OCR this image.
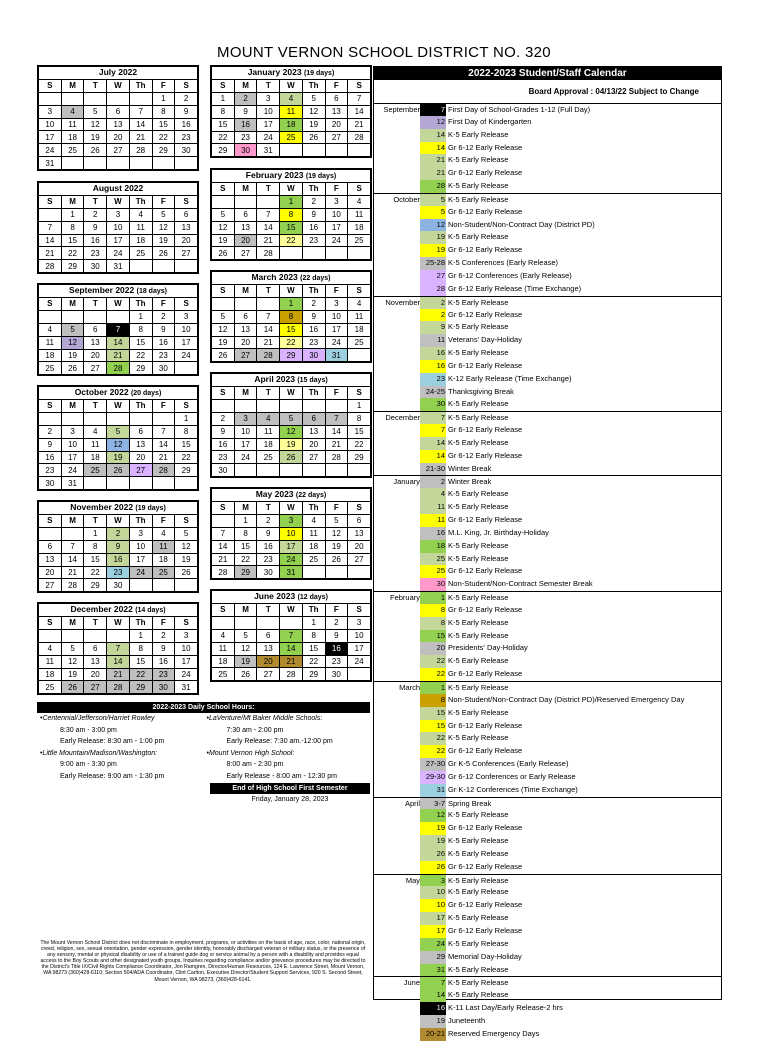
MOUNT VERNON SCHOOL DISTRICT NO. 320
July 2022						
S	M	T	W	Th	F	S
					1	2
3	4	5	6	7	8	9
10	11	12	13	14	15	16
17	18	19	20	21	22	23
24	25	26	27	28	29	30
31						
August 2022						
S	M	T	W	Th	F	S
	1	2	3	4	5	6
7	8	9	10	11	12	13
14	15	16	17	18	19	20
21	22	23	24	25	26	27
28	29	30	31			
September 2022 (18 days)						
S	M	T	W	Th	F	S
				1	2	3
4	5	6	7	8	9	10
11	12	13	14	15	16	17
18	19	20	21	22	23	24
25	26	27	28	29	30	
October 2022 (20 days)						
S	M	T	W	Th	F	S
						1
2	3	4	5	6	7	8
9	10	11	12	13	14	15
16	17	18	19	20	21	22
23	24	25	26	27	28	29
30	31					
November 2022 (19 days)						
S	M	T	W	Th	F	S
		1	2	3	4	5
6	7	8	9	10	11	12
13	14	15	16	17	18	19
20	21	22	23	24	25	26
27	28	29	30			
December 2022 (14 days)						
S	M	T	W	Th	F	S
				1	2	3
4	5	6	7	8	9	10
11	12	13	14	15	16	17
18	19	20	21	22	23	24
25	26	27	28	29	30	31
January 2023 (19 days)						
S	M	T	W	Th	F	S
1	2	3	4	5	6	7
8	9	10	11	12	13	14
15	16	17	18	19	20	21
22	23	24	25	26	27	28
29	30	31				
February 2023 (19 days)						
S	M	T	W	Th	F	S
			1	2	3	4
5	6	7	8	9	10	11
12	13	14	15	16	17	18
19	20	21	22	23	24	25
26	27	28				
March 2023 (22 days)						
S	M	T	W	Th	F	S
			1	2	3	4
5	6	7	8	9	10	11
12	13	14	15	16	17	18
19	20	21	22	23	24	25
26	27	28	29	30	31	
April 2023 (15 days)						
S	M	T	W	Th	F	S
						1
2	3	4	5	6	7	8
9	10	11	12	13	14	15
16	17	18	19	20	21	22
23	24	25	26	27	28	29
30						
May 2023 (22 days)						
S	M	T	W	Th	F	S
	1	2	3	4	5	6
7	8	9	10	11	12	13
14	15	16	17	18	19	20
21	22	23	24	25	26	27
28	29	30	31			
June 2023 (12 days)						
S	M	T	W	Th	F	S
				1	2	3
4	5	6	7	8	9	10
11	12	13	14	15	16	17
18	19	20	21	22	23	24
25	26	27	28	29	30	
2022-2023 Student/Staff Calendar
Board Approval : 04/13/22 Subject to Change
September	7 First Day of School-Grades 1-12 (Full Day)
12 First Day of Kindergarten
14 K-5 Early Release
14 Gr 6-12 Early Release
21 K-5 Early Release
21 Gr 6-12 Early Release
28 K-5 Early Release
October	5 K-5 Early Release
5 Gr 6-12 Early Release
12 Non-Student/Non-Contract Day (District PD)
19 K-5 Early Release
19 Gr 6-12 Early Release
25-28 K-5 Conferences (Early Release)
27 Gr 6-12 Conferences (Early Release)
28 Gr 6-12 Early Release (Time Exchange)
November	2 K-5 Early Release
2 Gr 6-12 Early Release
9 K-5 Early Release
11 Veterans' Day-Holiday
16 K-5 Early Release
16 Gr 6-12 Early Release
23 K-12 Early Release (Time Exchange)
24-25 Thanksgiving Break
30 K-5 Early Release
December	7 K-5 Early Release
7 Gr 6-12 Early Release
14 K-5 Early Release
14 Gr 6-12 Early Release
21-30 Winter Break
January	2 Winter Break
4 K-5 Early Release
11 K-5 Early Release
11 Gr 6-12 Early Release
16 M.L. King, Jr. Birthday-Holiday
18 K-5 Early Release
25 K-5 Early Release
25 Gr 6-12 Early Release
30 Non-Student/Non-Contract Semester Break
February	1 K-5 Early Release
8 Gr 6-12 Early Release
8 K-5 Early Release
15 K-5 Early Release
20 Presidents' Day-Holiday
22 K-5 Early Release
22 Gr 6-12 Early Release
March	1 K-5 Early Release
8 Non-Student/Non-Contract Day (District PD)/Reserved Emergency Day
15 K-5 Early Release
15 Gr 6-12 Early Release
22 K-5 Early Release
22 Gr 6-12 Early Release
27-30 Gr K-5 Conferences (Early Release)
29-30 Gr 6-12 Conferences or Early Release
31 Gr K-12 Conferences (Time Exchange)
April	3-7 Spring Break
12 K-5 Early Release
19 Gr 6-12 Early Release
19 K-5 Early Release
26 K-5 Early Release
26 Gr 6-12 Early Release
May	3 K-5 Early Release
10 K-5 Early Release
10 Gr 6-12 Early Release
17 K-5 Early Release
17 Gr 6-12 Early Release
24 K-5 Early Release
29 Memorial Day-Holiday
31 K-5 Early Release
June	7 K-5 Early Release
14 K-5 Early Release
16 K-11 Last Day/Early Release-2 hrs
19 Juneteenth
20-21 Reserved Emergency Days
2022-2023 Daily School Hours:
•Centennial/Jefferson/Harriet Rowley
8:30 am - 3:00 pm
Early Release: 8:30 am - 1:00 pm
•Little Mountain/Madison/Washington:
9:00 am - 3:30 pm
Early Release: 9:00 am - 1:30 pm
•LaVenture/Mt Baker Middle Schools:
7:30 am - 2:00 pm
Early Release: 7:30 am.-12:00 pm
•Mount Vernon High School:
8:00 am - 2:30 pm
Early Release - 8:00 am - 12:30 pm
End of High School First Semester
Friday, January 28, 2023
The Mount Vernon School District does not discriminate in employment, programs, or activities on the basis of age, race, color, national origin, creed, religion, sex, sexual orientation, gender expression, gender identity, honorably discharged veteran or military status, or the presence of any sensory, mental or physical disability or use of a trained guide dog or service animal by a person with a disability and provides equal access to the Boy Scouts and other designated youth groups. Inquiries regarding compliance and/or grievance procedures may be directed to the District's Title IX/Civil Rights Compliance Coordinator, Jon Ramgren, Director/Human Resources, 124 E. Lawrence Street, Mount Vernon, WA 98273 (360)428-6110; Section 504/ADA Coordinator, Clint Carlton, Executive Director/Student Support Services, 920 S. Second Street, Mount Vernon, WA 98273, (360)428-6141.
